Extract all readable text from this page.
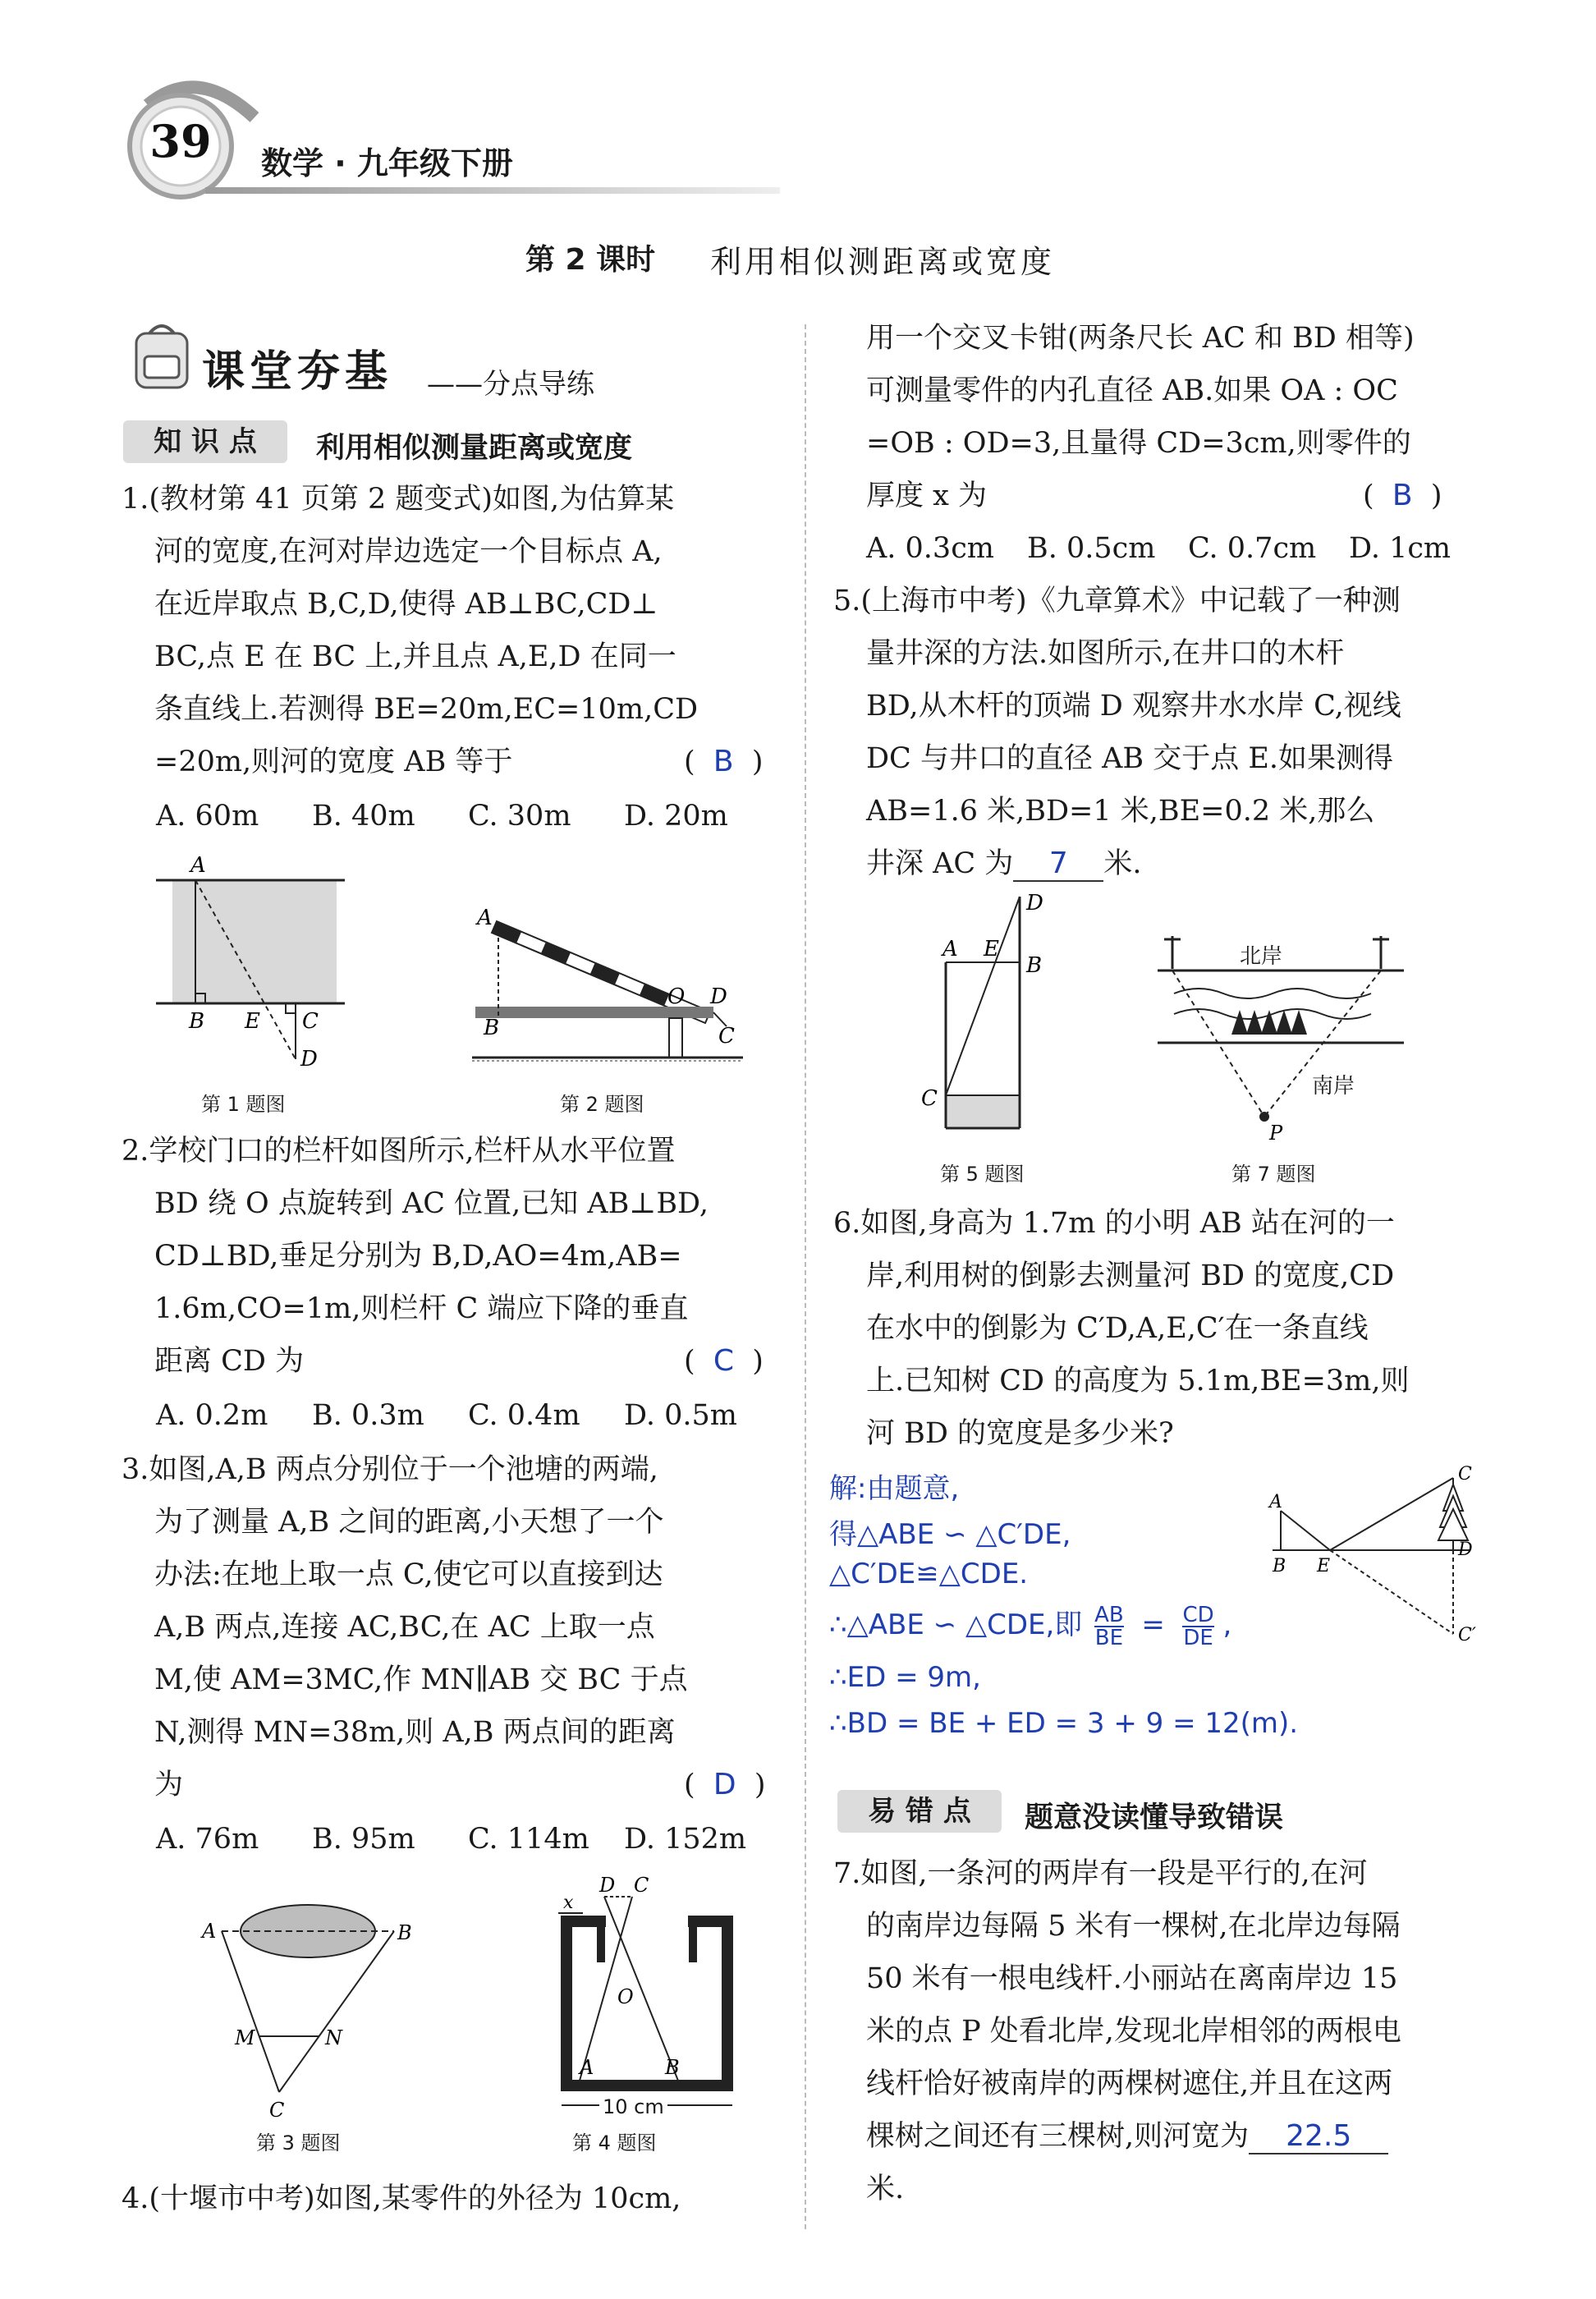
39	数学 · 九年级下册
第 2 课时 利用相似测距离或宽度
课堂夯基 ——分点导练
知 识 点	利用相似测量距离或宽度
1.(教材第 41 页第 2 题变式)如图,为估算某
河的宽度,在河对岸边选定一个目标点 A,
在近岸取点 B,C,D,使得 AB⊥BC,CD⊥
BC,点 E 在 BC 上,并且点 A,E,D 在同一
条直线上.若测得 BE=20m,EC=10m,CD
=20m,则河的宽度 AB 等于	(  B  )
A. 60m B. 40m C. 30m D. 20m
A
B E C
D
第 1 题图
A
B
O D
C
第 2 题图
2.学校门口的栏杆如图所示,栏杆从水平位置
BD 绕 O 点旋转到 AC 位置,已知 AB⊥BD,
CD⊥BD,垂足分别为 B,D,AO=4m,AB=
1.6m,CO=1m,则栏杆 C 端应下降的垂直
距离 CD 为	(  C  )
A. 0.2m B. 0.3m C. 0.4m D. 0.5m
3.如图,A,B 两点分别位于一个池塘的两端,
为了测量 A,B 之间的距离,小天想了一个
办法:在地上取一点 C,使它可以直接到达
A,B 两点,连接 AC,BC,在 AC 上取一点
M,使 AM=3MC,作 MN∥AB 交 BC 于点
N,测得 MN=38m,则 A,B 两点间的距离
为	(  D  )
A. 76m B. 95m C. 114m D. 152m
A	B
M	N
C
第 3 题图
D C
x
O
A	B
10 cm
第 4 题图
4.(十堰市中考)如图,某零件的外径为 10cm,
用一个交叉卡钳(两条尺长 AC 和 BD 相等)
可测量零件的内孔直径 AB.如果 OA : OC
=OB : OD=3,且量得 CD=3cm,则零件的
厚度 x 为	(  B  )
A. 0.3cm B. 0.5cm C. 0.7cm D. 1cm
5.(上海市中考)《九章算术》中记载了一种测
量井深的方法.如图所示,在井口的木杆
BD,从木杆的顶端 D 观察井水水岸 C,视线
DC 与井口的直径 AB 交于点 E.如果测得
AB=1.6 米,BD=1 米,BE=0.2 米,那么
井深 AC 为 7 米.
D
A E
B
C
第 5 题图
P
北岸
南岸
第 7 题图
6.如图,身高为 1.7m 的小明 AB 站在河的一
岸,利用树的倒影去测量河 BD 的宽度,CD
在水中的倒影为 C′D,A,E,C′在一条直线
上.已知树 CD 的高度为 5.1m,BE=3m,则
河 BD 的宽度是多少米?
解:由题意,
得△ABE ∽ △C′DE,
△C′DE≌△CDE.
∴△ABE ∽ △CDE,即 $\frac{AB}{BE} = \frac{CD}{DE}$ ,
∴ED = 9m,
∴BD = BE + ED = 3 + 9 = 12(m).
A
B E
C
D
C′
易 错 点	题意没读懂导致错误
7.如图,一条河的两岸有一段是平行的,在河
的南岸边每隔 5 米有一棵树,在北岸边每隔
50 米有一根电线杆.小丽站在离南岸边 15
米的点 P 处看北岸,发现北岸相邻的两根电
线杆恰好被南岸的两棵树遮住,并且在这两
棵树之间还有三棵树,则河宽为 22.5
米.
